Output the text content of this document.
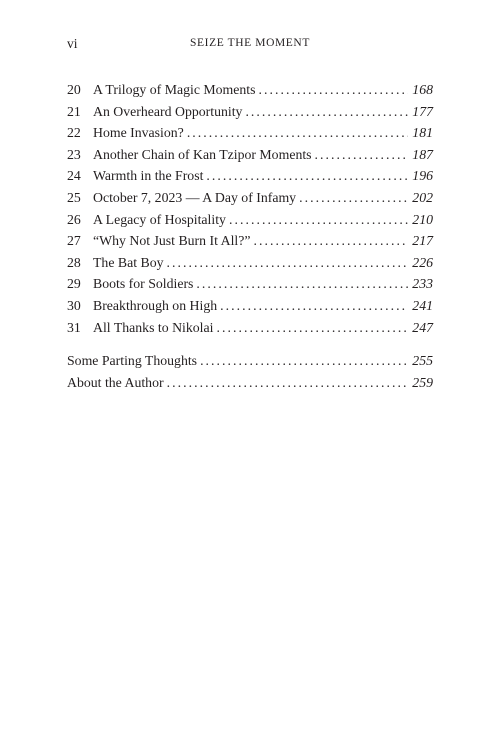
vi	SEIZE THE MOMENT
20 A Trilogy of Magic Moments . . .	168
21 An Overheard Opportunity . . .	177
22 Home Invasion? . . .	181
23 Another Chain of Kan Tzipor Moments . . .	187
24 Warmth in the Frost . . .	196
25 October 7, 2023 — A Day of Infamy . . .	202
26 A Legacy of Hospitality . . .	210
27 “Why Not Just Burn It All?” . . .	217
28 The Bat Boy . . .	226
29 Boots for Soldiers . . .	233
30 Breakthrough on High . . .	241
31 All Thanks to Nikolai . . .	247
Some Parting Thoughts . . .	255
About the Author . . .	259
